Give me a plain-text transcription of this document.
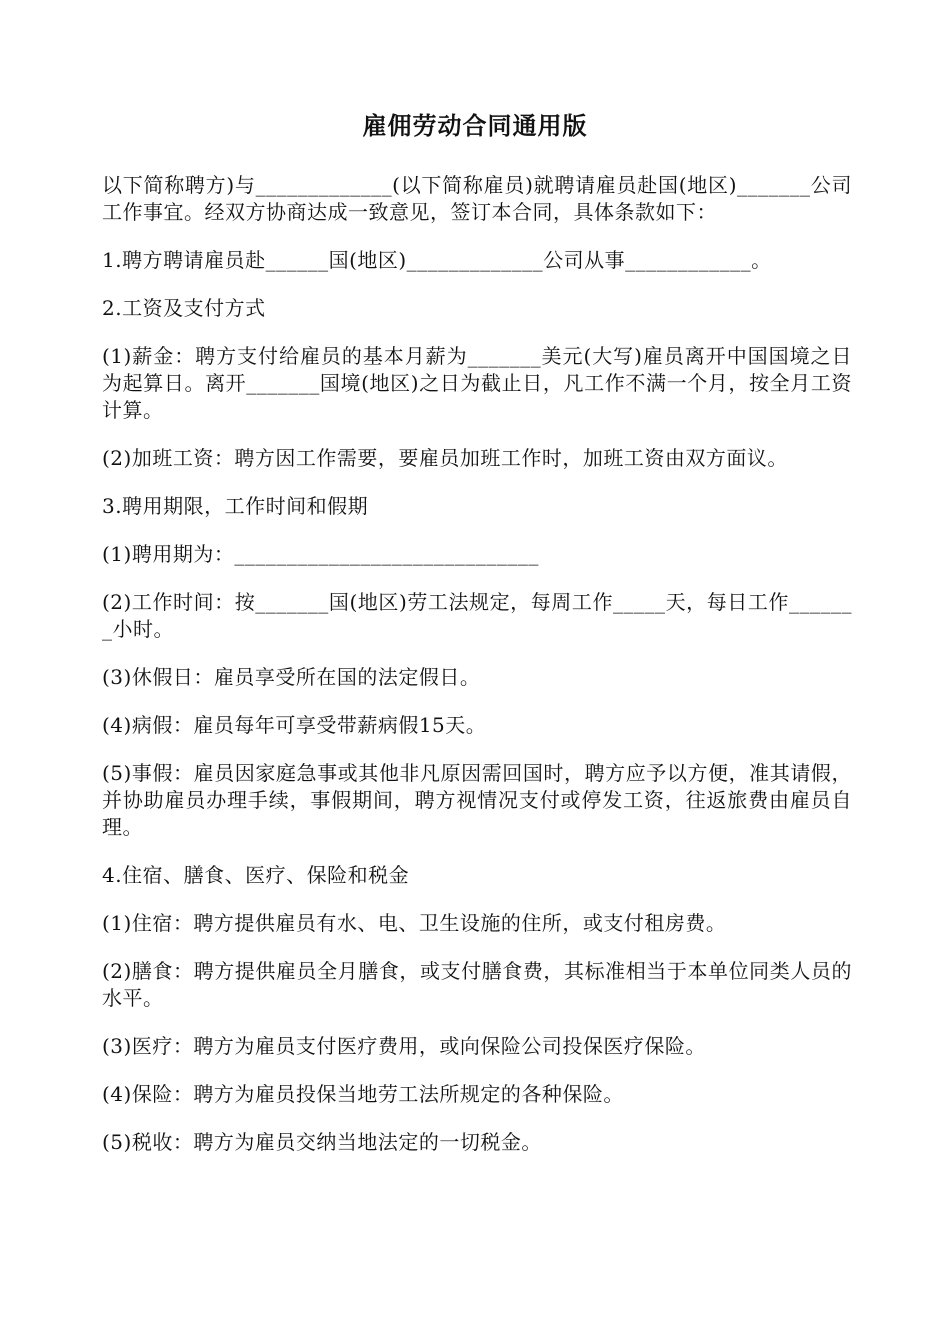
雇佣劳动合同通用版

以下简称聘方)与_____________(以下简称雇员)就聘请雇员赴国(地区)_______公司工作事宜。经双方协商达成一致意见，签订本合同，具体条款如下：

1.聘方聘请雇员赴______国(地区)_____________公司从事____________。

2.工资及支付方式

(1)薪金：聘方支付给雇员的基本月薪为_______美元(大写)雇员离开中国国境之日为起算日。离开_______国境(地区)之日为截止日，凡工作不满一个月，按全月工资计算。

(2)加班工资：聘方因工作需要，要雇员加班工作时，加班工资由双方面议。

3.聘用期限，工作时间和假期

(1)聘用期为：_____________________________

(2)工作时间：按_______国(地区)劳工法规定，每周工作_____天，每日工作_______小时。

(3)休假日：雇员享受所在国的法定假日。

(4)病假：雇员每年可享受带薪病假15天。

(5)事假：雇员因家庭急事或其他非凡原因需回国时，聘方应予以方便，准其请假，并协助雇员办理手续，事假期间，聘方视情况支付或停发工资，往返旅费由雇员自理。

4.住宿、膳食、医疗、保险和税金

(1)住宿：聘方提供雇员有水、电、卫生设施的住所，或支付租房费。

(2)膳食：聘方提供雇员全月膳食，或支付膳食费，其标准相当于本单位同类人员的水平。

(3)医疗：聘方为雇员支付医疗费用，或向保险公司投保医疗保险。

(4)保险：聘方为雇员投保当地劳工法所规定的各种保险。

(5)税收：聘方为雇员交纳当地法定的一切税金。
